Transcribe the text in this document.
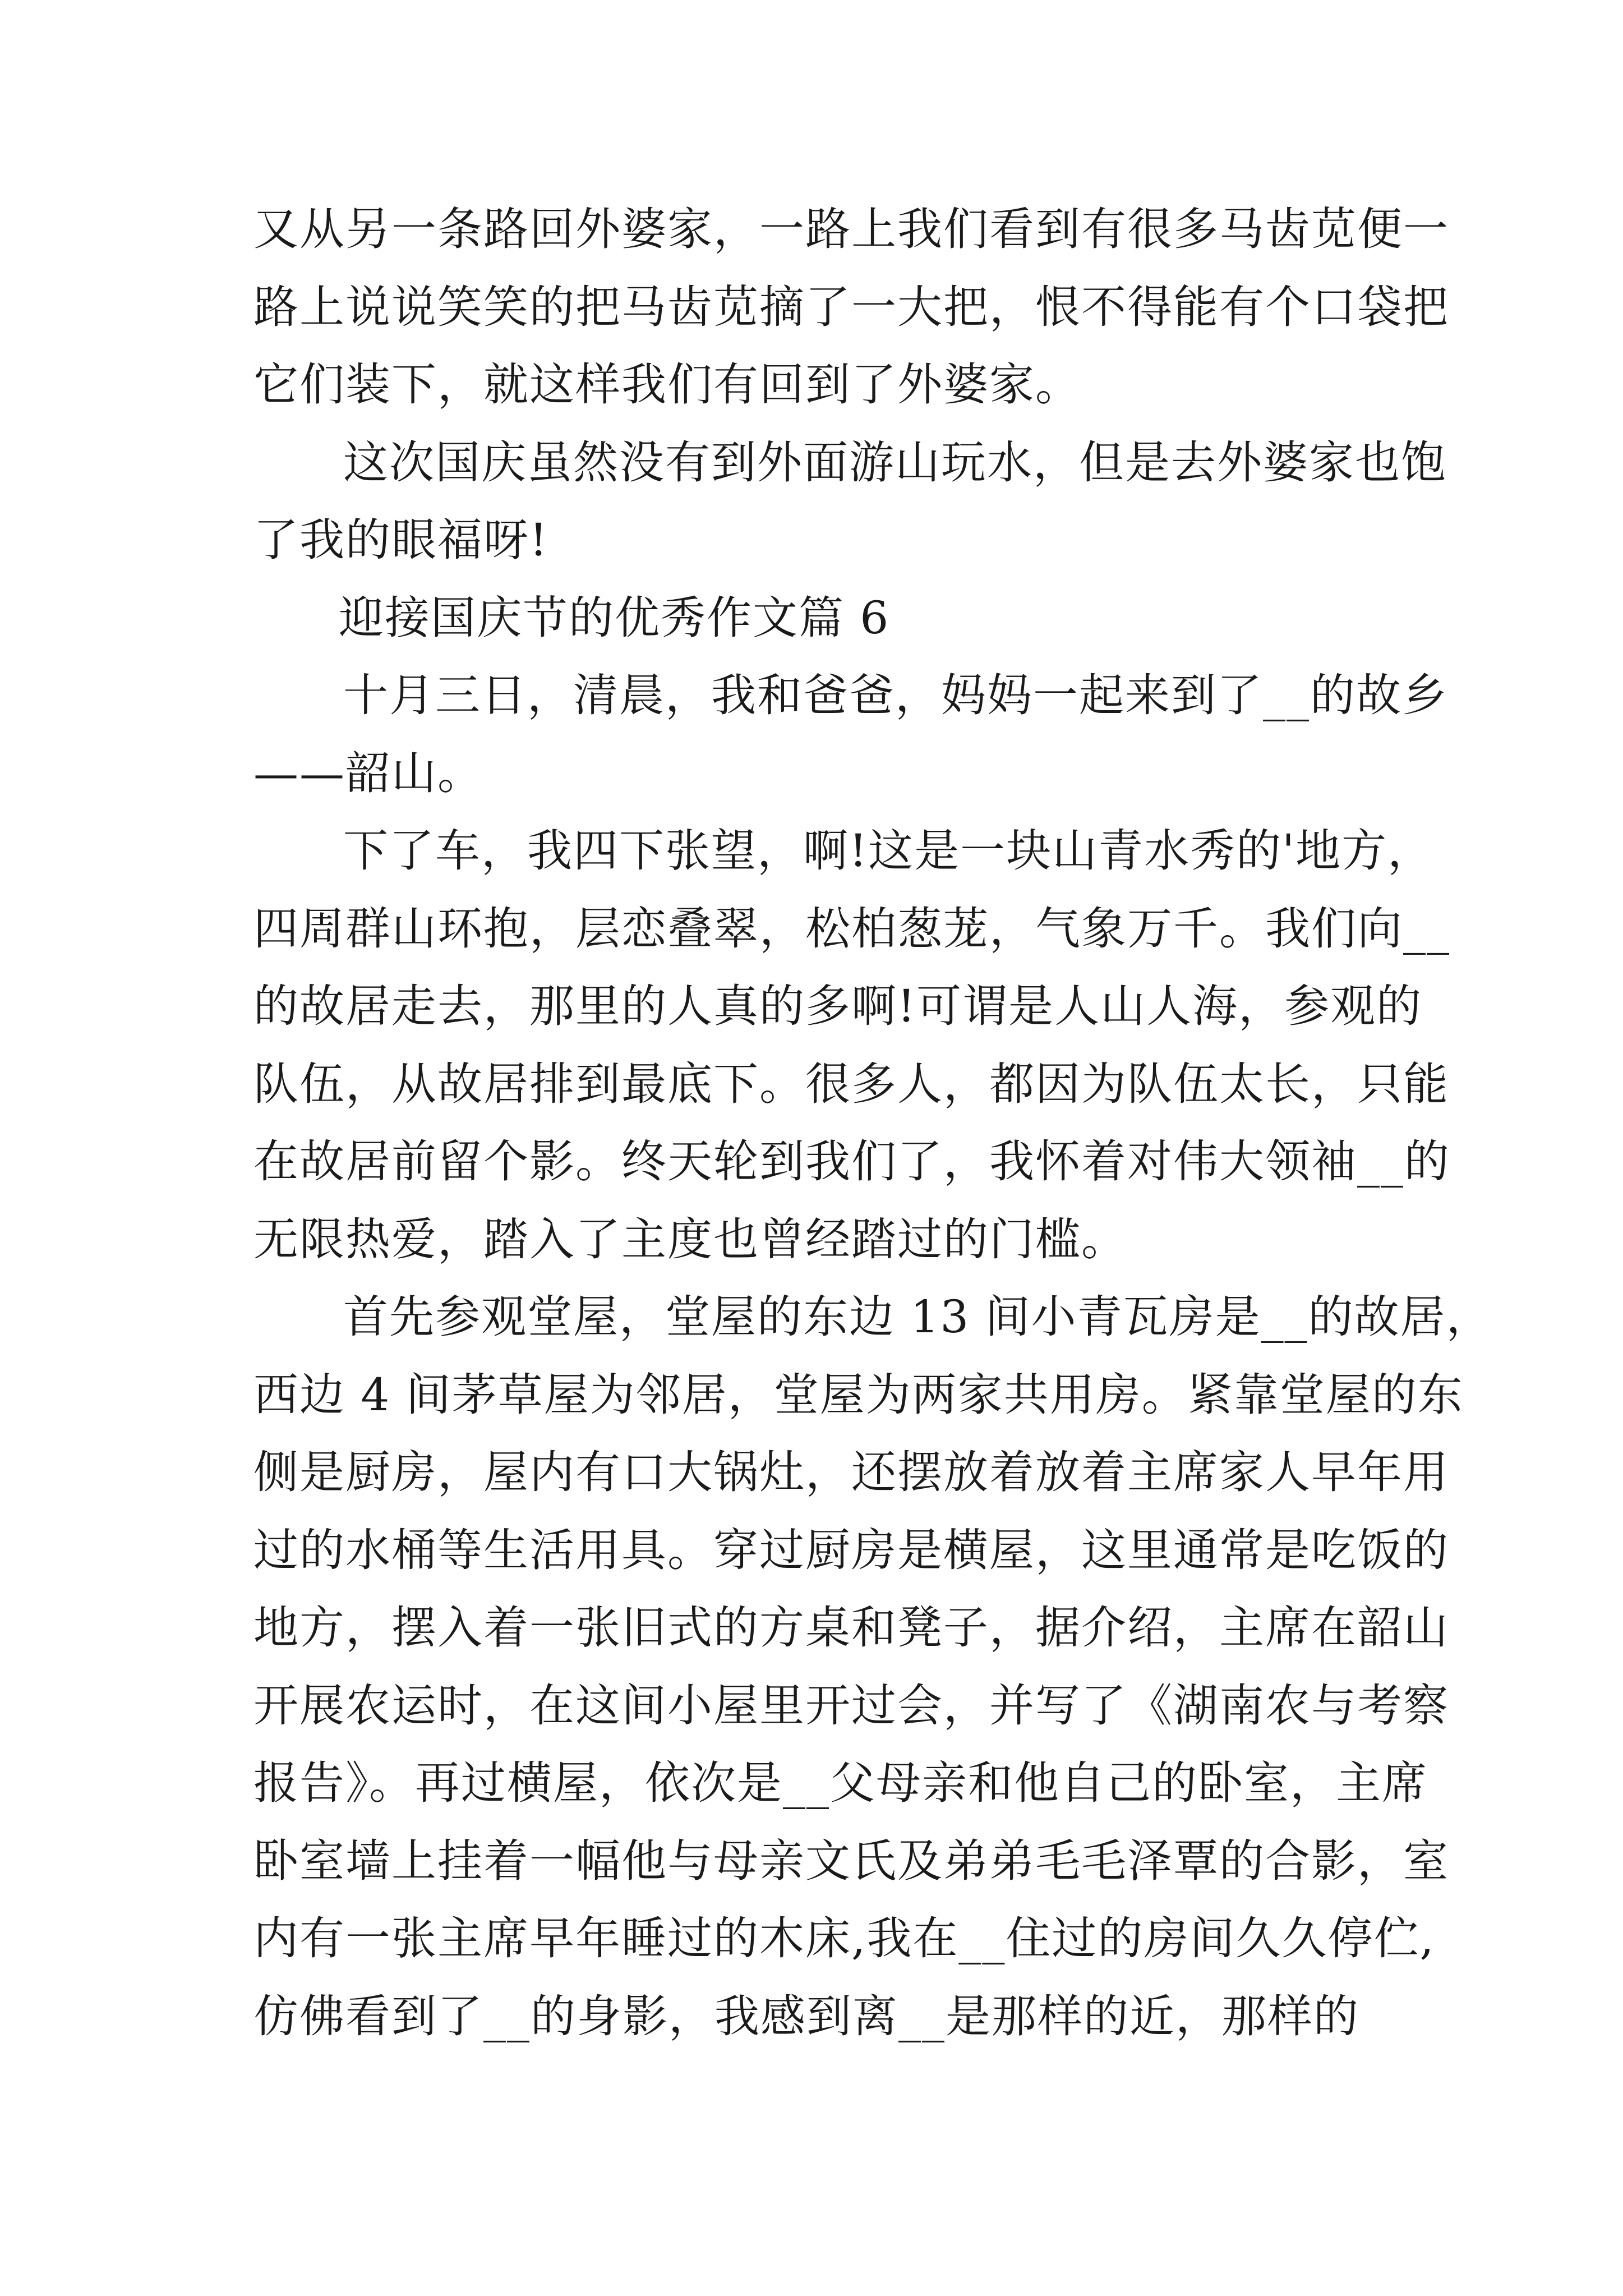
又从另一条路回外婆家，一路上我们看到有很多马齿苋便一
路上说说笑笑的把马齿苋摘了一大把，恨不得能有个口袋把
它们装下，就这样我们有回到了外婆家。
这次国庆虽然没有到外面游山玩水，但是去外婆家也饱
了我的眼福呀!
迎接国庆节的优秀作文篇 6
十月三日，清晨，我和爸爸，妈妈一起来到了__的故乡
——韶山。
下了车，我四下张望，啊!这是一块山青水秀的'地方，
四周群山环抱，层恋叠翠，松柏葱茏，气象万千。我们向__
的故居走去，那里的人真的多啊!可谓是人山人海，参观的
队伍，从故居排到最底下。很多人，都因为队伍太长，只能
在故居前留个影。终天轮到我们了，我怀着对伟大领袖__的
无限热爱，踏入了主度也曾经踏过的门槛。
首先参观堂屋，堂屋的东边 13 间小青瓦房是__的故居，
西边 4 间茅草屋为邻居，堂屋为两家共用房。紧靠堂屋的东
侧是厨房，屋内有口大锅灶，还摆放着放着主席家人早年用
过的水桶等生活用具。穿过厨房是横屋，这里通常是吃饭的
地方，摆入着一张旧式的方桌和凳子，据介绍，主席在韶山
开展农运时，在这间小屋里开过会，并写了《湖南农与考察
报告》。再过横屋，依次是__父母亲和他自己的卧室，主席
卧室墙上挂着一幅他与母亲文氏及弟弟毛毛泽覃的合影，室
内有一张主席早年睡过的木床,我在__住过的房间久久停伫,
仿佛看到了__的身影，我感到离__是那样的近，那样的
